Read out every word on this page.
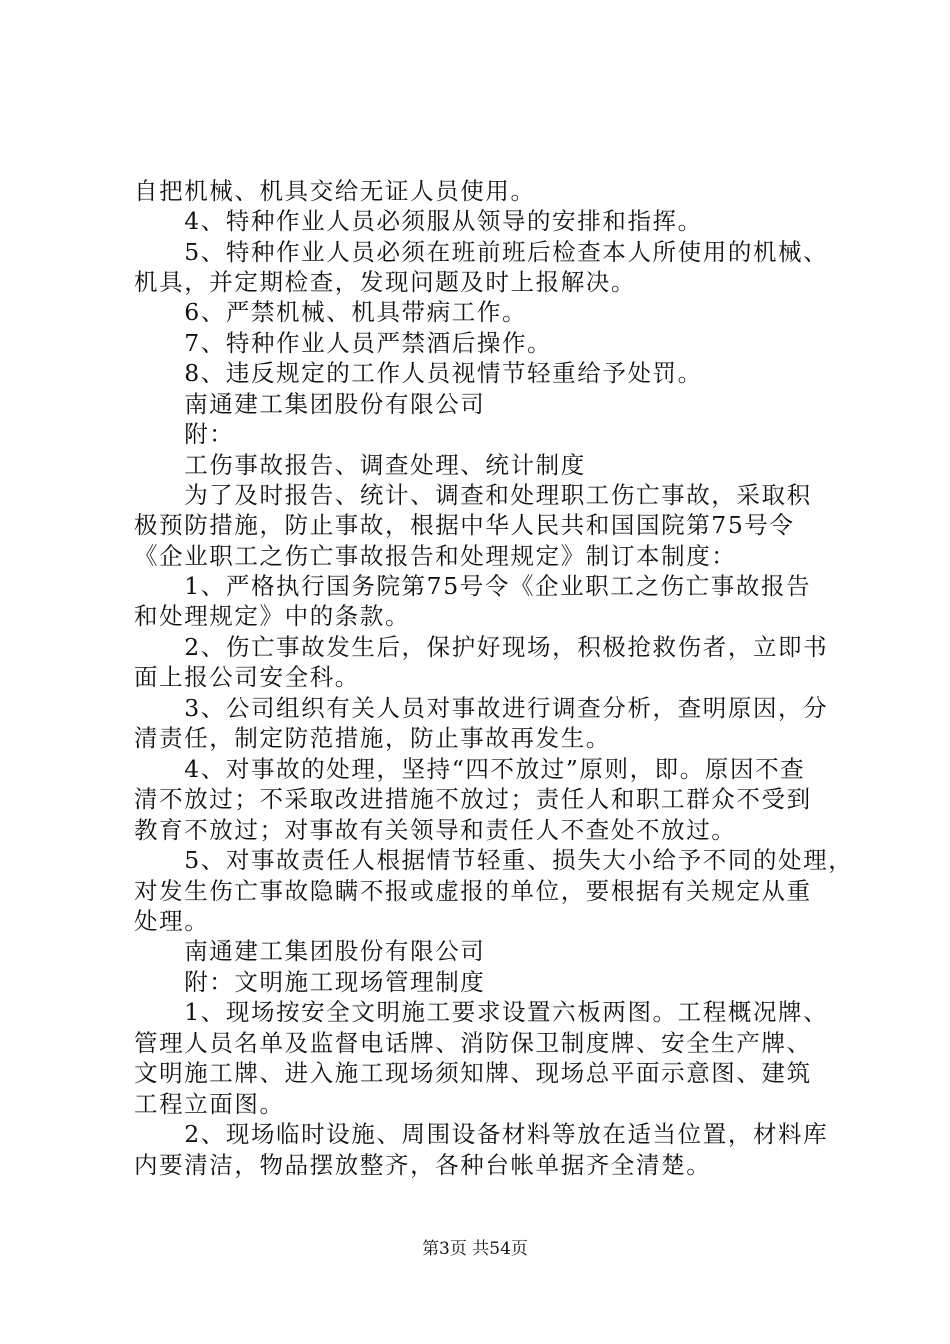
自把机械、机具交给无证人员使用。
　　4、特种作业人员必须服从领导的安排和指挥。
　　5、特种作业人员必须在班前班后检查本人所使用的机械、
机具，并定期检查，发现问题及时上报解决。
　　6、严禁机械、机具带病工作。
　　7、特种作业人员严禁酒后操作。
　　8、违反规定的工作人员视情节轻重给予处罚。
　　南通建工集团股份有限公司
　　附：
　　工伤事故报告、调查处理、统计制度
　　为了及时报告、统计、调查和处理职工伤亡事故，采取积
极预防措施，防止事故，根据中华人民共和国国院第75号令
《企业职工之伤亡事故报告和处理规定》制订本制度：
　　1、严格执行国务院第75号令《企业职工之伤亡事故报告
和处理规定》中的条款。
　　2、伤亡事故发生后，保护好现场，积极抢救伤者，立即书
面上报公司安全科。
　　3、公司组织有关人员对事故进行调查分析，查明原因，分
清责任，制定防范措施，防止事故再发生。
　　4、对事故的处理，坚持“四不放过”原则，即。原因不查
清不放过；不采取改进措施不放过；责任人和职工群众不受到
教育不放过；对事故有关领导和责任人不查处不放过。
　　5、对事故责任人根据情节轻重、损失大小给予不同的处理，
对发生伤亡事故隐瞒不报或虚报的单位，要根据有关规定从重
处理。
　　南通建工集团股份有限公司
　　附：文明施工现场管理制度
　　1、现场按安全文明施工要求设置六板两图。工程概况牌、
管理人员名单及监督电话牌、消防保卫制度牌、安全生产牌、
文明施工牌、进入施工现场须知牌、现场总平面示意图、建筑
工程立面图。
　　2、现场临时设施、周围设备材料等放在适当位置，材料库
内要清洁，物品摆放整齐，各种台帐单据齐全清楚。
第3页 共54页
